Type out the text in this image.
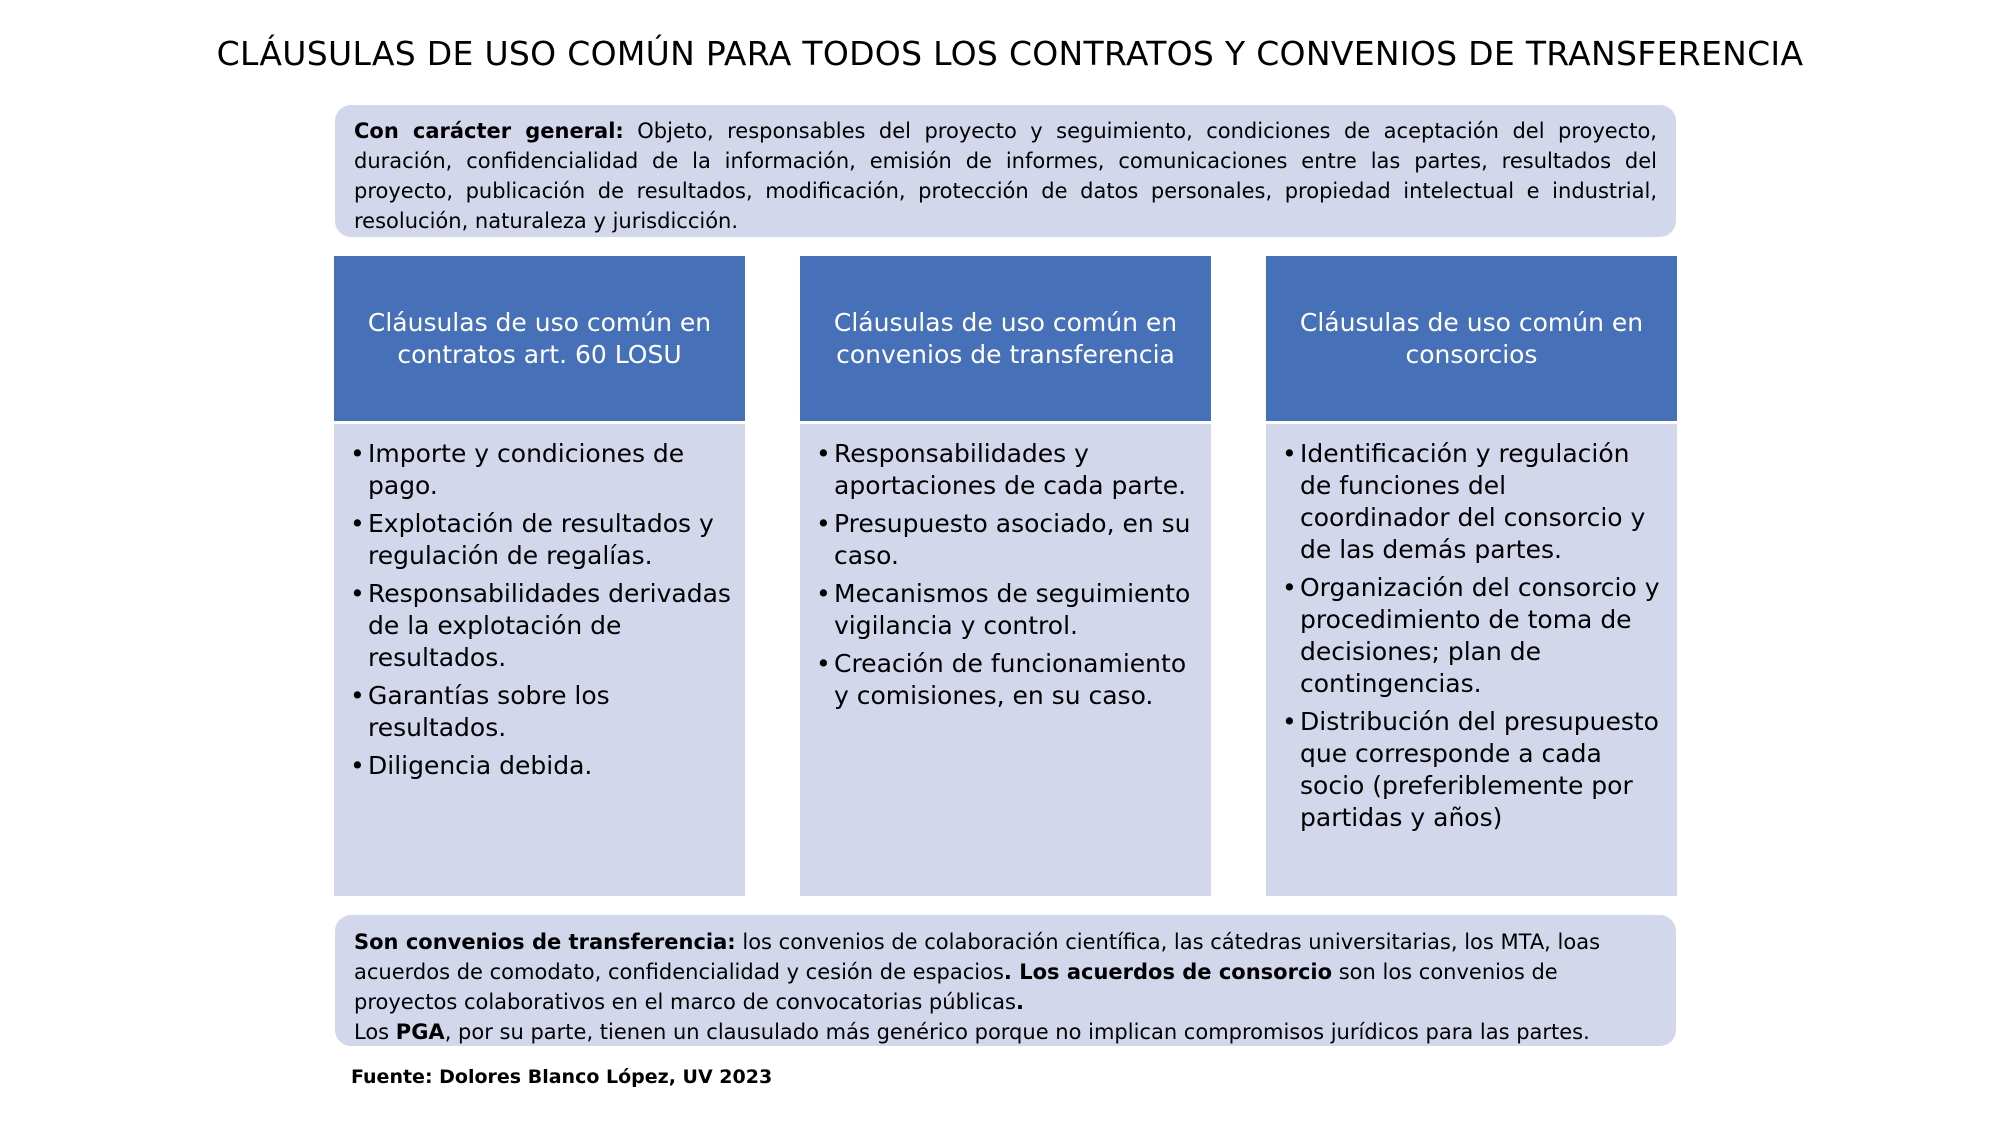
CLÁUSULAS DE USO COMÚN PARA TODOS LOS CONTRATOS Y CONVENIOS DE TRANSFERENCIA
Con carácter general: Objeto, responsables del proyecto y seguimiento, condiciones de aceptación del proyecto, duración, confidencialidad de la información, emisión de informes, comunicaciones entre las partes, resultados del proyecto, publicación de resultados, modificación, protección de datos personales, propiedad intelectual e industrial, resolución, naturaleza y jurisdicción.
Cláusulas de uso común en contratos art. 60 LOSU
• Importe y condiciones de pago.
• Explotación de resultados y regulación de regalías.
• Responsabilidades derivadas de la explotación de resultados.
• Garantías sobre los resultados.
• Diligencia debida.
Cláusulas de uso común en convenios de transferencia
• Responsabilidades y aportaciones de cada parte.
• Presupuesto asociado, en su caso.
• Mecanismos de seguimiento vigilancia y control.
• Creación de funcionamiento y comisiones, en su caso.
Cláusulas de uso común en consorcios
• Identificación y regulación de funciones del coordinador del consorcio y de las demás partes.
• Organización del consorcio y procedimiento de toma de decisiones; plan de contingencias.
• Distribución del presupuesto que corresponde a cada socio (preferiblemente por partidas y años)
Son convenios de transferencia: los convenios de colaboración científica, las cátedras universitarias, los MTA, loas acuerdos de comodato, confidencialidad y cesión de espacios. Los acuerdos de consorcio son los convenios de proyectos colaborativos en el marco de convocatorias públicas.
Los PGA, por su parte, tienen un clausulado más genérico porque no implican compromisos jurídicos para las partes.
Fuente: Dolores Blanco López, UV 2023
